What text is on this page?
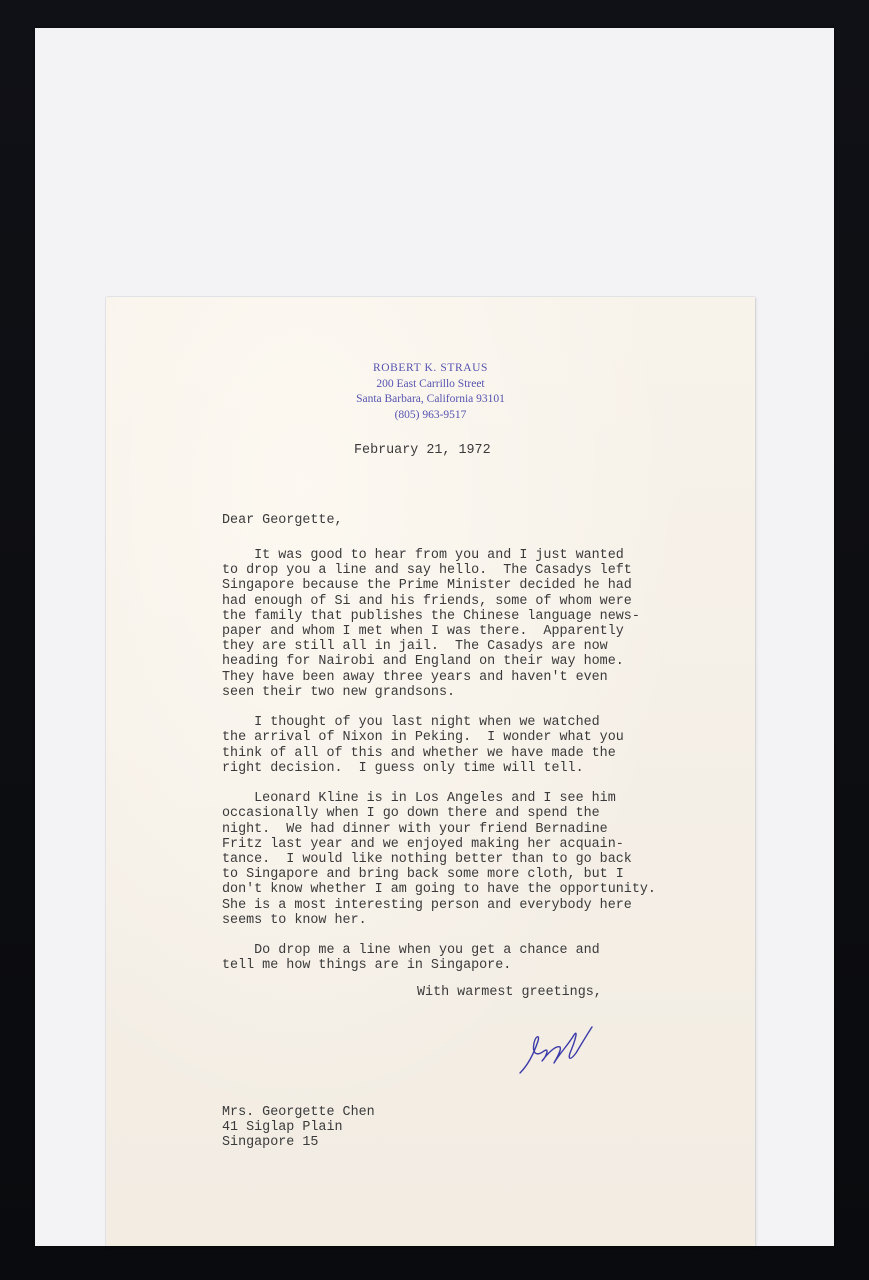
ROBERT K. STRAUS
200 East Carrillo Street
Santa Barbara, California 93101
(805) 963-9517
February 21, 1972
Dear Georgette,
It was good to hear from you and I just wanted
to drop you a line and say hello.  The Casadys left
Singapore because the Prime Minister decided he had
had enough of Si and his friends, some of whom were
the family that publishes the Chinese language news-
paper and whom I met when I was there.  Apparently
they are still all in jail.  The Casadys are now
heading for Nairobi and England on their way home.
They have been away three years and haven't even
seen their two new grandsons.
I thought of you last night when we watched
the arrival of Nixon in Peking.  I wonder what you
think of all of this and whether we have made the
right decision.  I guess only time will tell.
Leonard Kline is in Los Angeles and I see him
occasionally when I go down there and spend the
night.  We had dinner with your friend Bernadine
Fritz last year and we enjoyed making her acquain-
tance.  I would like nothing better than to go back
to Singapore and bring back some more cloth, but I
don't know whether I am going to have the opportunity.
She is a most interesting person and everybody here
seems to know her.
Do drop me a line when you get a chance and
tell me how things are in Singapore.
With warmest greetings,
Mrs. Georgette Chen
41 Siglap Plain
Singapore 15
